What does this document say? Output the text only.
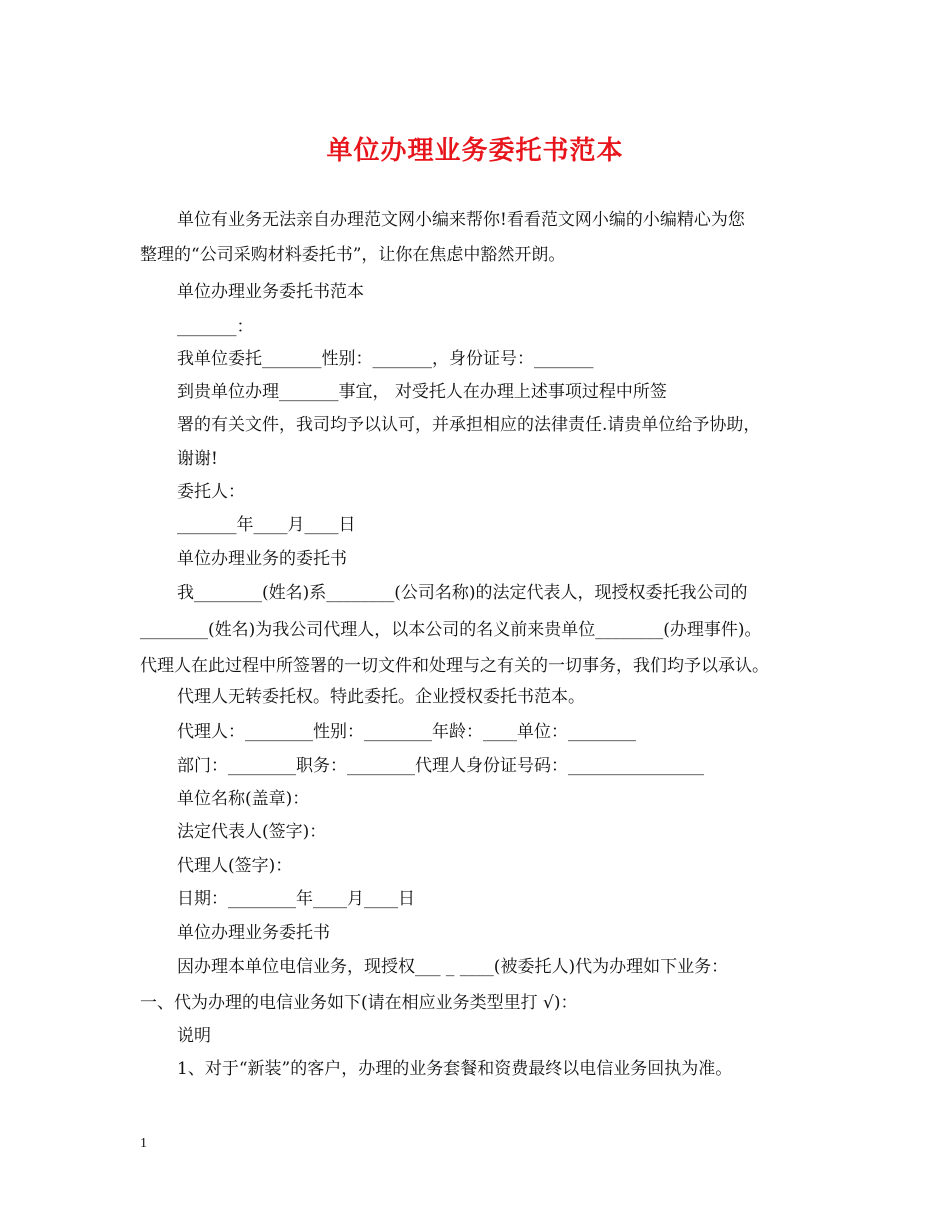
单位办理业务委托书范本
单位有业务无法亲自办理范文网小编来帮你!看看范文网小编的小编精心为您
整理的“公司采购材料委托书”，让你在焦虑中豁然开朗。
单位办理业务委托书范本
_______：
我单位委托_______性别：_______，身份证号：_______
到贵单位办理_______事宜， 对受托人在办理上述事项过程中所签
署的有关文件，我司均予以认可，并承担相应的法律责任.请贵单位给予协助，
谢谢!
委托人：
_______年____月____日
单位办理业务的委托书
我________(姓名)系________(公司名称)的法定代表人，现授权委托我公司的
________(姓名)为我公司代理人，以本公司的名义前来贵单位________(办理事件)。
代理人在此过程中所签署的一切文件和处理与之有关的一切事务，我们均予以承认。
代理人无转委托权。特此委托。企业授权委托书范本。
代理人：________性别：________年龄：____单位：________
部门：________职务：________代理人身份证号码：________________
单位名称(盖章)：
法定代表人(签字)：
代理人(签字)：
日期：________年____月____日
单位办理业务委托书
因办理本单位电信业务，现授权___ _ ____(被委托人)代为办理如下业务：
一、代为办理的电信业务如下(请在相应业务类型里打 √)：
说明
1、对于“新装”的客户，办理的业务套餐和资费最终以电信业务回执为准。
1
